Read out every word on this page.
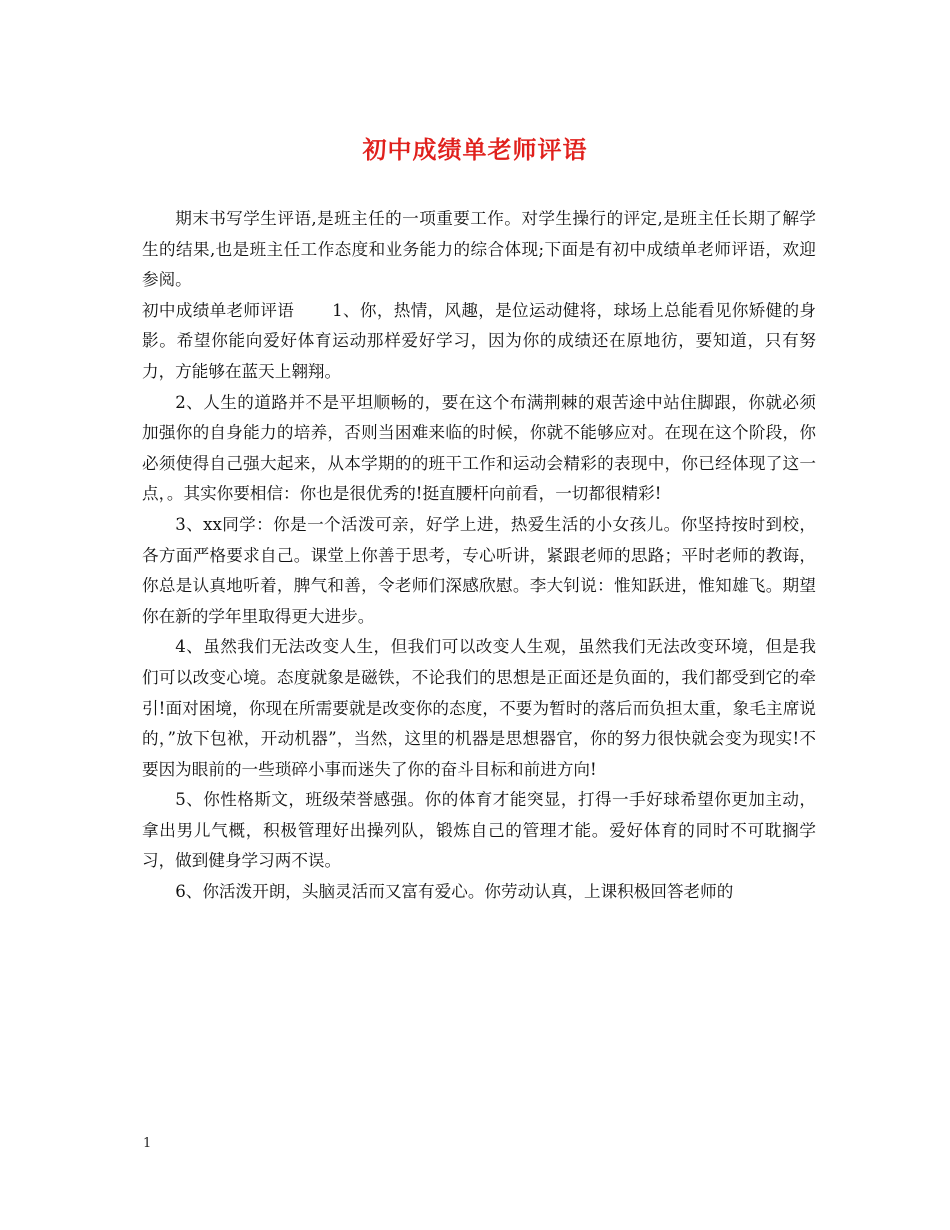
初中成绩单老师评语

期末书写学生评语,是班主任的一项重要工作。对学生操行的评定,是班主任长期了解学生的结果,也是班主任工作态度和业务能力的综合体现;下面是有初中成绩单老师评语，欢迎参阅。

初中成绩单老师评语 1、你，热情，风趣，是位运动健将，球场上总能看见你矫健的身影。希望你能向爱好体育运动那样爱好学习，因为你的成绩还在原地彷，要知道，只有努力，方能够在蓝天上翱翔。

2、人生的道路并不是平坦顺畅的，要在这个布满荆棘的艰苦途中站住脚跟，你就必须加强你的自身能力的培养，否则当困难来临的时候，你就不能够应对。在现在这个阶段，你必须使得自己强大起来，从本学期的的班干工作和运动会精彩的表现中，你已经体现了这一点，。其实你要相信：你也是很优秀的!挺直腰杆向前看，一切都很精彩!

3、xx同学：你是一个活泼可亲，好学上进，热爱生活的小女孩儿。你坚持按时到校，各方面严格要求自己。课堂上你善于思考，专心听讲，紧跟老师的思路；平时老师的教诲，你总是认真地听着，脾气和善，令老师们深感欣慰。李大钊说：惟知跃进，惟知雄飞。期望你在新的学年里取得更大进步。

4、虽然我们无法改变人生，但我们可以改变人生观，虽然我们无法改变环境，但是我们可以改变心境。态度就象是磁铁，不论我们的思想是正面还是负面的，我们都受到它的牵引!面对困境，你现在所需要就是改变你的态度，不要为暂时的落后而负担太重，象毛主席说的，”放下包袱，开动机器”，当然，这里的机器是思想器官，你的努力很快就会变为现实!不要因为眼前的一些琐碎小事而迷失了你的奋斗目标和前进方向!

5、你性格斯文，班级荣誉感强。你的体育才能突显，打得一手好球希望你更加主动，拿出男儿气概，积极管理好出操列队，锻炼自己的管理才能。爱好体育的同时不可耽搁学习，做到健身学习两不误。

6、你活泼开朗，头脑灵活而又富有爱心。你劳动认真，上课积极回答老师的

1
